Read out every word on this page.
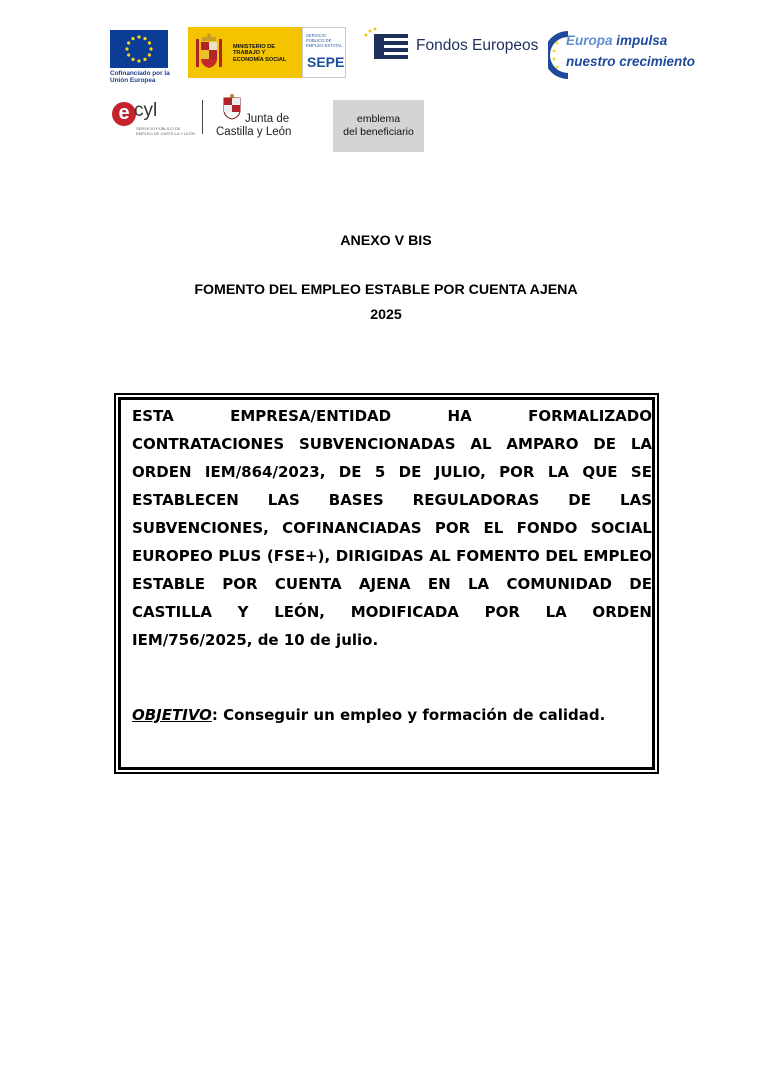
Cofinanciado por la Unión Europea
MINISTERIO DE TRABAJO Y ECONOMÍA SOCIAL
SERVICIO PÚBLICO DE EMPLEO ESTATAL
SEPE
Fondos Europeos Europa impulsa
nuestro crecimiento
e cyl
SERVICIO PÚBLICO DE EMPLEO DE CASTILLA Y LEÓN
Junta de
Castilla y León
emblema
del beneficiario
ANEXO V BIS
FOMENTO DEL EMPLEO ESTABLE POR CUENTA AJENA
2025
ESTA EMPRESA/ENTIDAD HA FORMALIZADO CONTRATACIONES SUBVENCIONADAS AL AMPARO DE LA ORDEN IEM/864/2023, DE 5 DE JULIO, POR LA QUE SE ESTABLECEN LAS BASES REGULADORAS DE LAS SUBVENCIONES, COFINANCIADAS POR EL FONDO SOCIAL EUROPEO PLUS (FSE+), DIRIGIDAS AL FOMENTO DEL EMPLEO ESTABLE POR CUENTA AJENA EN LA COMUNIDAD DE CASTILLA Y LEÓN, MODIFICADA POR LA ORDEN IEM/756/2025, de 10 de julio.
OBJETIVO: Conseguir un empleo y formación de calidad.
